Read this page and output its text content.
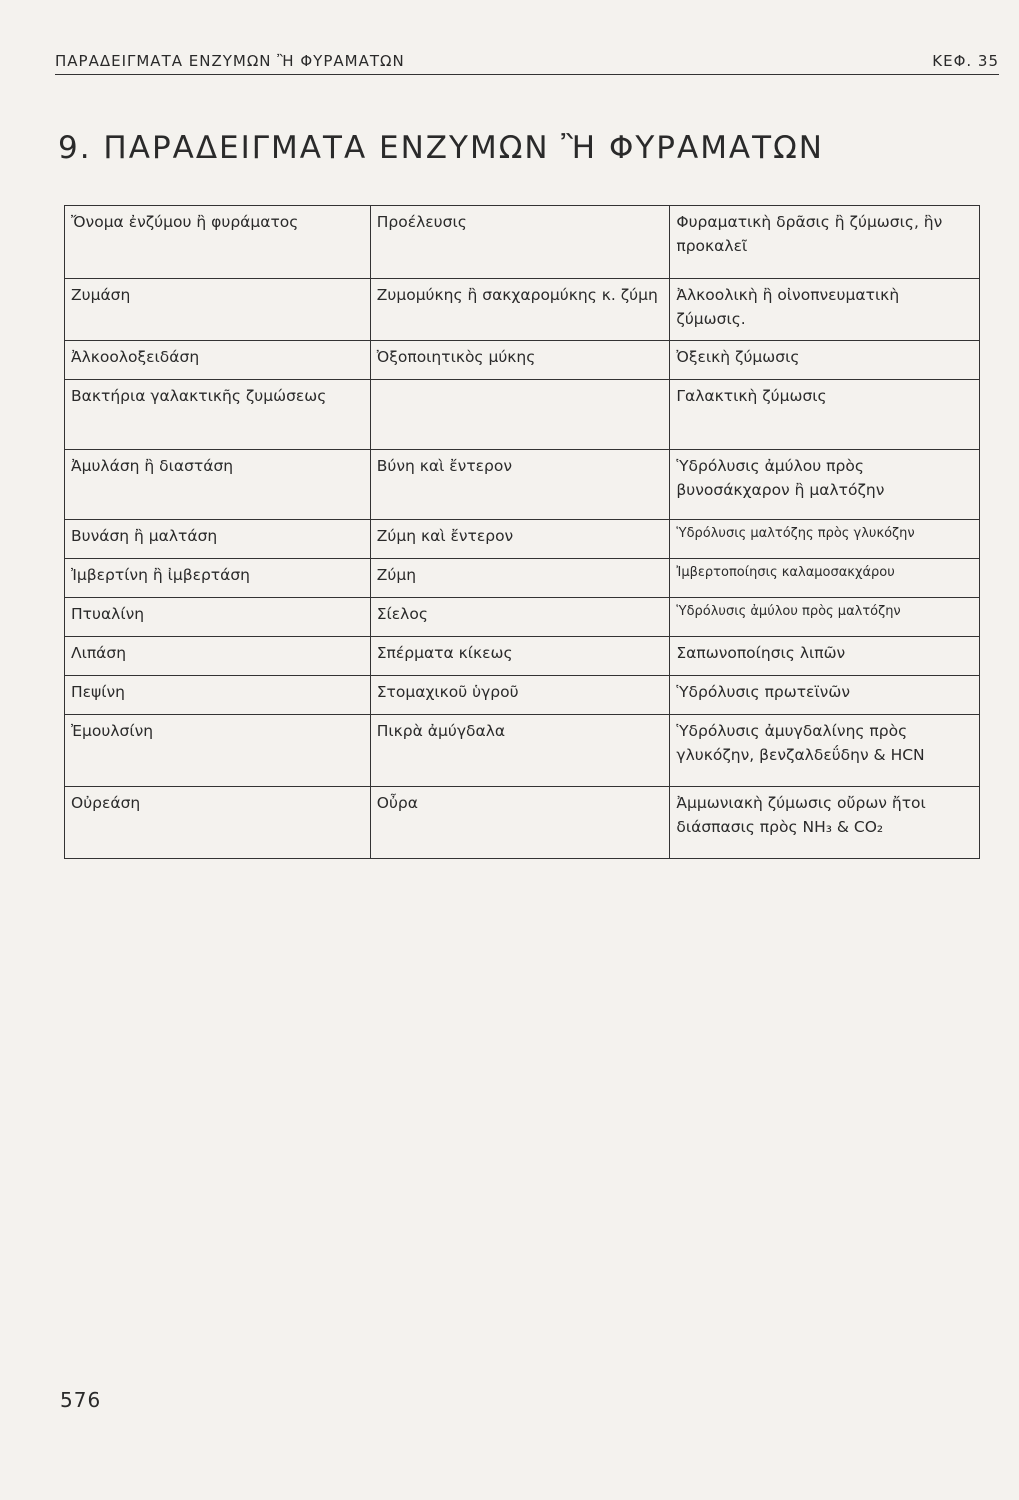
ΠΑΡΑΔΕΙΓΜΑΤΑ ΕΝΖΥΜΩΝ Ἢ ΦΥΡΑΜΑΤΩΝ	ΚΕΦ. 35
9. ΠΑΡΑΔΕΙΓΜΑΤΑ ΕΝΖΥΜΩΝ Ἢ ΦΥΡΑΜΑΤΩΝ
Ὄνομα ἐνζύμου ἢ φυράματος	Προέλευσις	Φυραματικὴ δρᾶσις ἢ ζύμωσις, ἣν προκαλεῖ
Ζυμάση	Ζυμομύκης ἢ σακχαρομύκης κ. ζύμη	Ἀλκοολικὴ ἢ οἰνοπνευματικὴ ζύμωσις.
Ἀλκοολοξειδάση	Ὀξοποιητικὸς μύκης	Ὀξεικὴ ζύμωσις
Βακτήρια γαλακτικῆς ζυμώσεως		Γαλακτικὴ ζύμωσις
Ἀμυλάση ἢ διαστάση	Βύνη καὶ ἔντερον	Ὑδρόλυσις ἀμύλου πρὸς βυνοσάκχαρον ἢ μαλτόζην
Βυνάση ἢ μαλτάση	Ζύμη καὶ ἔντερον	Ὑδρόλυσις μαλτόζης πρὸς γλυκόζην
Ἰμβερτίνη ἢ ἰμβερτάση	Ζύμη	Ἰμβερτοποίησις καλαμοσακχάρου
Πτυαλίνη	Σίελος	Ὑδρόλυσις ἀμύλου πρὸς μαλτόζην
Λιπάση	Σπέρματα κίκεως	Σαπωνοποίησις λιπῶν
Πεψίνη	Στομαχικοῦ ὑγροῦ	Ὑδρόλυσις πρωτεϊνῶν
Ἐμουλσίνη	Πικρὰ ἀμύγδαλα	Ὑδρόλυσις ἀμυγδαλίνης πρὸς γλυκόζην, βενζαλδεΰδην & HCN
Οὐρεάση	Οὖρα	Ἀμμωνιακὴ ζύμωσις οὔρων ἤτοι διάσπασις πρὸς NH₃ & CO₂
576
